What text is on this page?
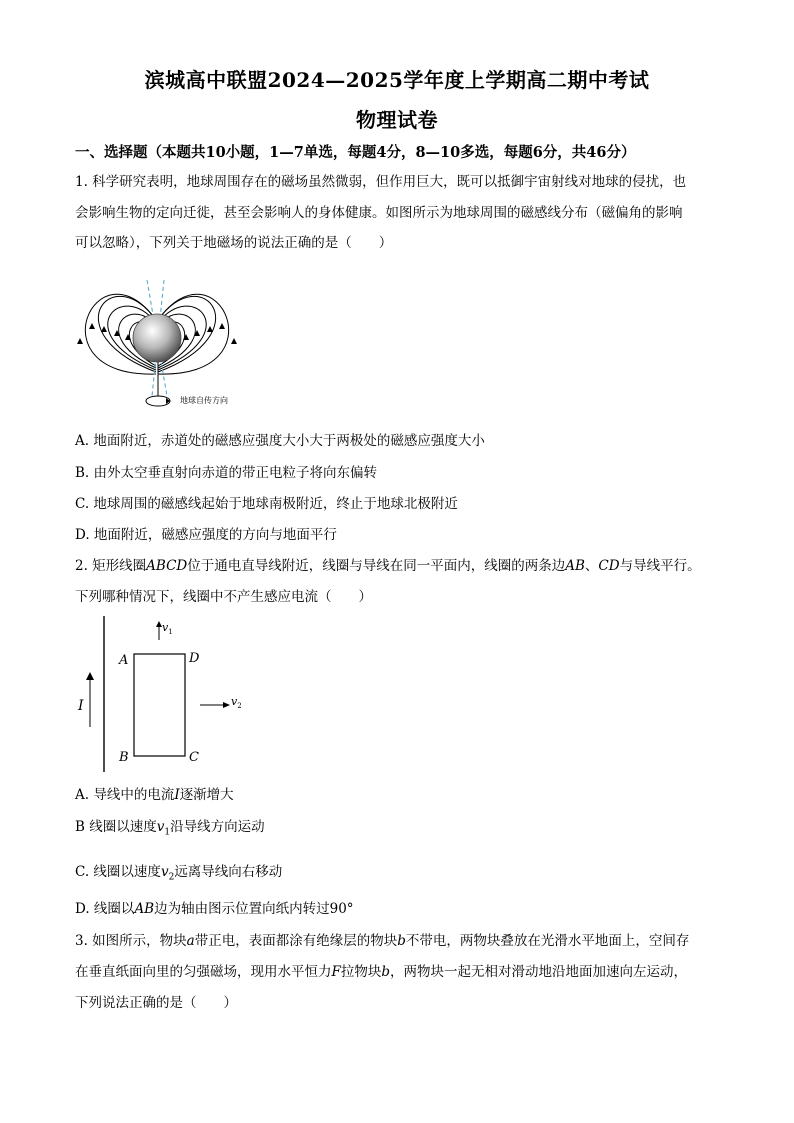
滨城高中联盟2024—2025学年度上学期高二期中考试
物理试卷
一、选择题（本题共10小题，1—7单选，每题4分，8—10多选，每题6分，共46分）
1. 科学研究表明，地球周围存在的磁场虽然微弱，但作用巨大，既可以抵御宇宙射线对地球的侵扰，也
会影响生物的定向迁徙，甚至会影响人的身体健康。如图所示为地球周围的磁感线分布（磁偏角的影响
可以忽略），下列关于地磁场的说法正确的是（　　）
地球自传方向
A. 地面附近，赤道处的磁感应强度大小大于两极处的磁感应强度大小
B. 由外太空垂直射向赤道的带正电粒子将向东偏转
C. 地球周围的磁感线起始于地球南极附近，终止于地球北极附近
D. 地面附近，磁感应强度的方向与地面平行
2. 矩形线圈ABCD位于通电直导线附近，线圈与导线在同一平面内，线圈的两条边AB、CD与导线平行。
下列哪种情况下，线圈中不产生感应电流（　　）
I
A
B	C
D
$v_1$
$v_2$
A. 导线中的电流I逐渐增大
B 线圈以速度$v_1$沿导线方向运动
C. 线圈以速度$v_2$远离导线向右移动
D. 线圈以AB边为轴由图示位置向纸内转过90°
3. 如图所示，物块a带正电，表面都涂有绝缘层的物块b不带电，两物块叠放在光滑水平地面上，空间存
在垂直纸面向里的匀强磁场，现用水平恒力F拉物块b，两物块一起无相对滑动地沿地面加速向左运动，
下列说法正确的是（　　）
